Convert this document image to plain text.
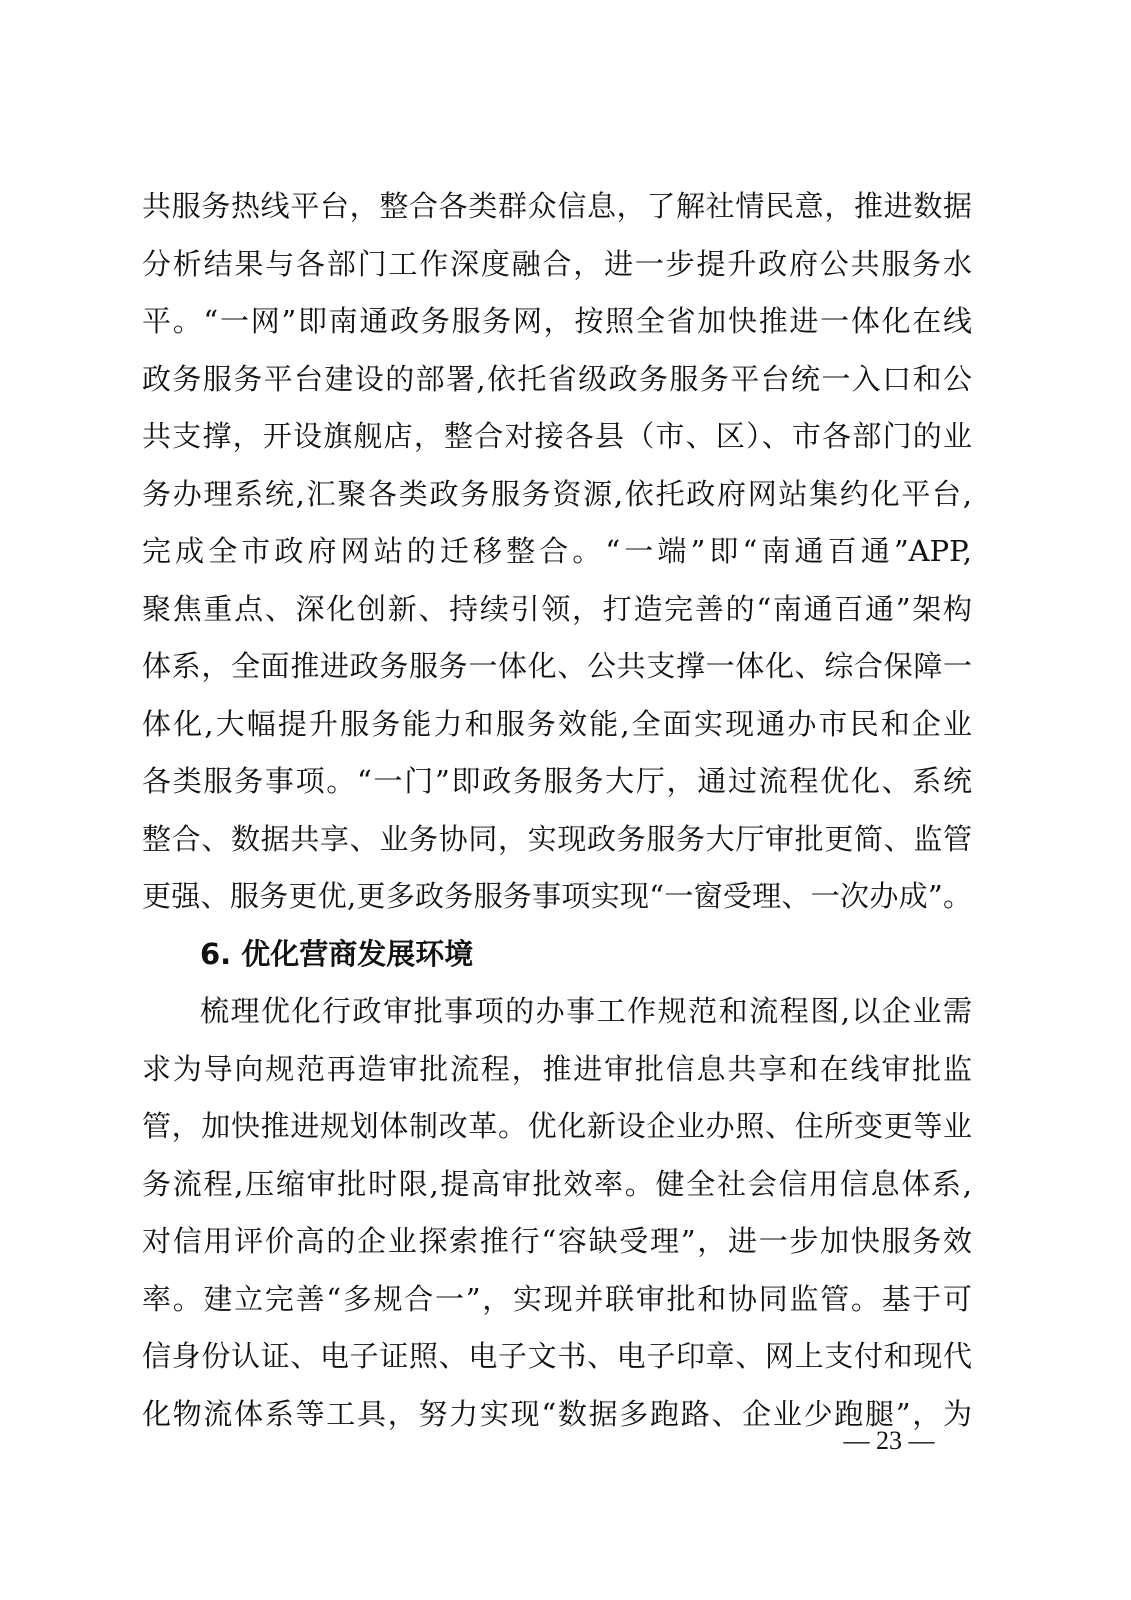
共服务热线平台，整合各类群众信息，了解社情民意，推进数据
分析结果与各部门工作深度融合，进一步提升政府公共服务水
平。“一网”即南通政务服务网，按照全省加快推进一体化在线
政务服务平台建设的部署,依托省级政务服务平台统一入口和公
共支撑，开设旗舰店，整合对接各县（市、区）、市各部门的业
务办理系统,汇聚各类政务服务资源,依托政府网站集约化平台,
完成全市政府网站的迁移整合。“一端”即“南通百通”APP,
聚焦重点、深化创新、持续引领，打造完善的“南通百通”架构
体系，全面推进政务服务一体化、公共支撑一体化、综合保障一
体化,大幅提升服务能力和服务效能,全面实现通办市民和企业
各类服务事项。“一门”即政务服务大厅，通过流程优化、系统
整合、数据共享、业务协同，实现政务服务大厅审批更简、监管
更强、服务更优,更多政务服务事项实现“一窗受理、一次办成”。
6. 优化营商发展环境
梳理优化行政审批事项的办事工作规范和流程图,以企业需
求为导向规范再造审批流程，推进审批信息共享和在线审批监
管，加快推进规划体制改革。优化新设企业办照、住所变更等业
务流程,压缩审批时限,提高审批效率。健全社会信用信息体系,
对信用评价高的企业探索推行“容缺受理”，进一步加快服务效
率。建立完善“多规合一”，实现并联审批和协同监管。基于可
信身份认证、电子证照、电子文书、电子印章、网上支付和现代
化物流体系等工具，努力实现“数据多跑路、企业少跑腿”，为
— 23 —
